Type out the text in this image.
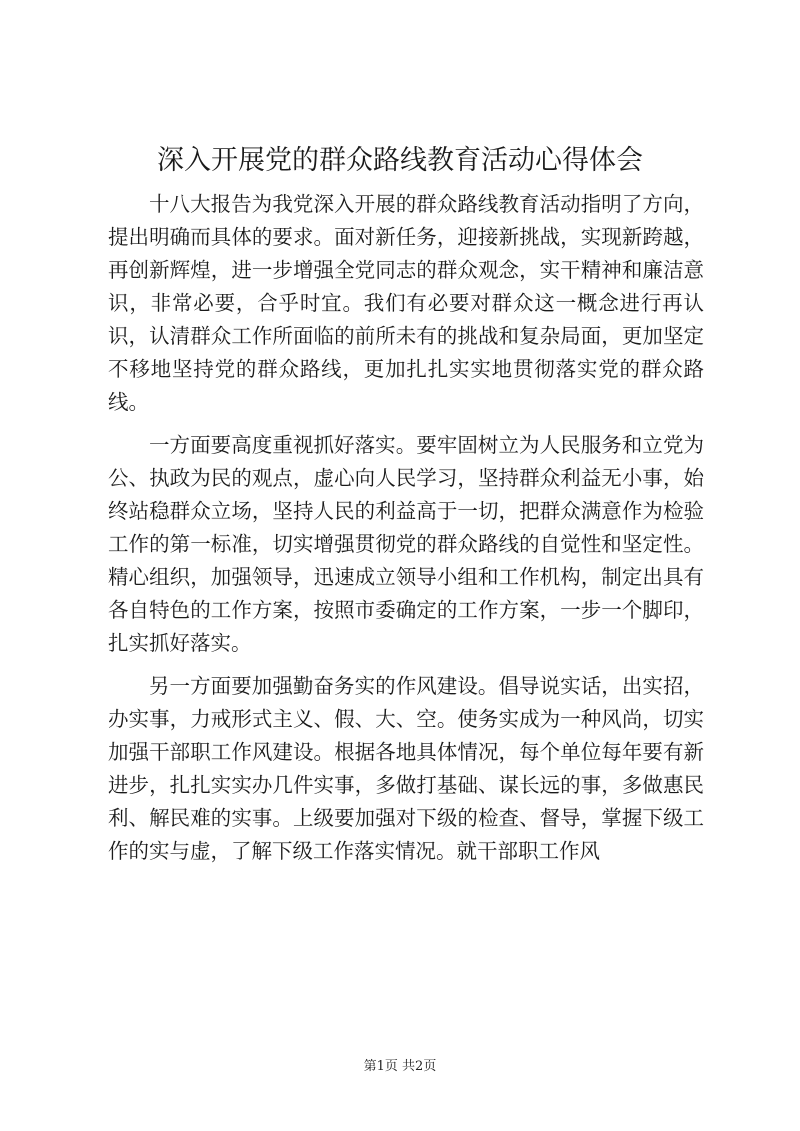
深入开展党的群众路线教育活动心得体会

十八大报告为我党深入开展的群众路线教育活动指明了方向，提出明确而具体的要求。面对新任务，迎接新挑战，实现新跨越，再创新辉煌，进一步增强全党同志的群众观念，实干精神和廉洁意识，非常必要，合乎时宜。我们有必要对群众这一概念进行再认识，认清群众工作所面临的前所未有的挑战和复杂局面，更加坚定不移地坚持党的群众路线，更加扎扎实实地贯彻落实党的群众路线。

一方面要高度重视抓好落实。要牢固树立为人民服务和立党为公、执政为民的观点，虚心向人民学习，坚持群众利益无小事，始终站稳群众立场，坚持人民的利益高于一切，把群众满意作为检验工作的第一标准，切实增强贯彻党的群众路线的自觉性和坚定性。精心组织，加强领导，迅速成立领导小组和工作机构，制定出具有各自特色的工作方案，按照市委确定的工作方案，一步一个脚印，扎实抓好落实。

另一方面要加强勤奋务实的作风建设。倡导说实话，出实招，办实事，力戒形式主义、假、大、空。使务实成为一种风尚，切实加强干部职工作风建设。根据各地具体情况，每个单位每年要有新进步，扎扎实实办几件实事，多做打基础、谋长远的事，多做惠民利、解民难的实事。上级要加强对下级的检查、督导，掌握下级工作的实与虚，了解下级工作落实情况。就干部职工作风

第1页 共2页
